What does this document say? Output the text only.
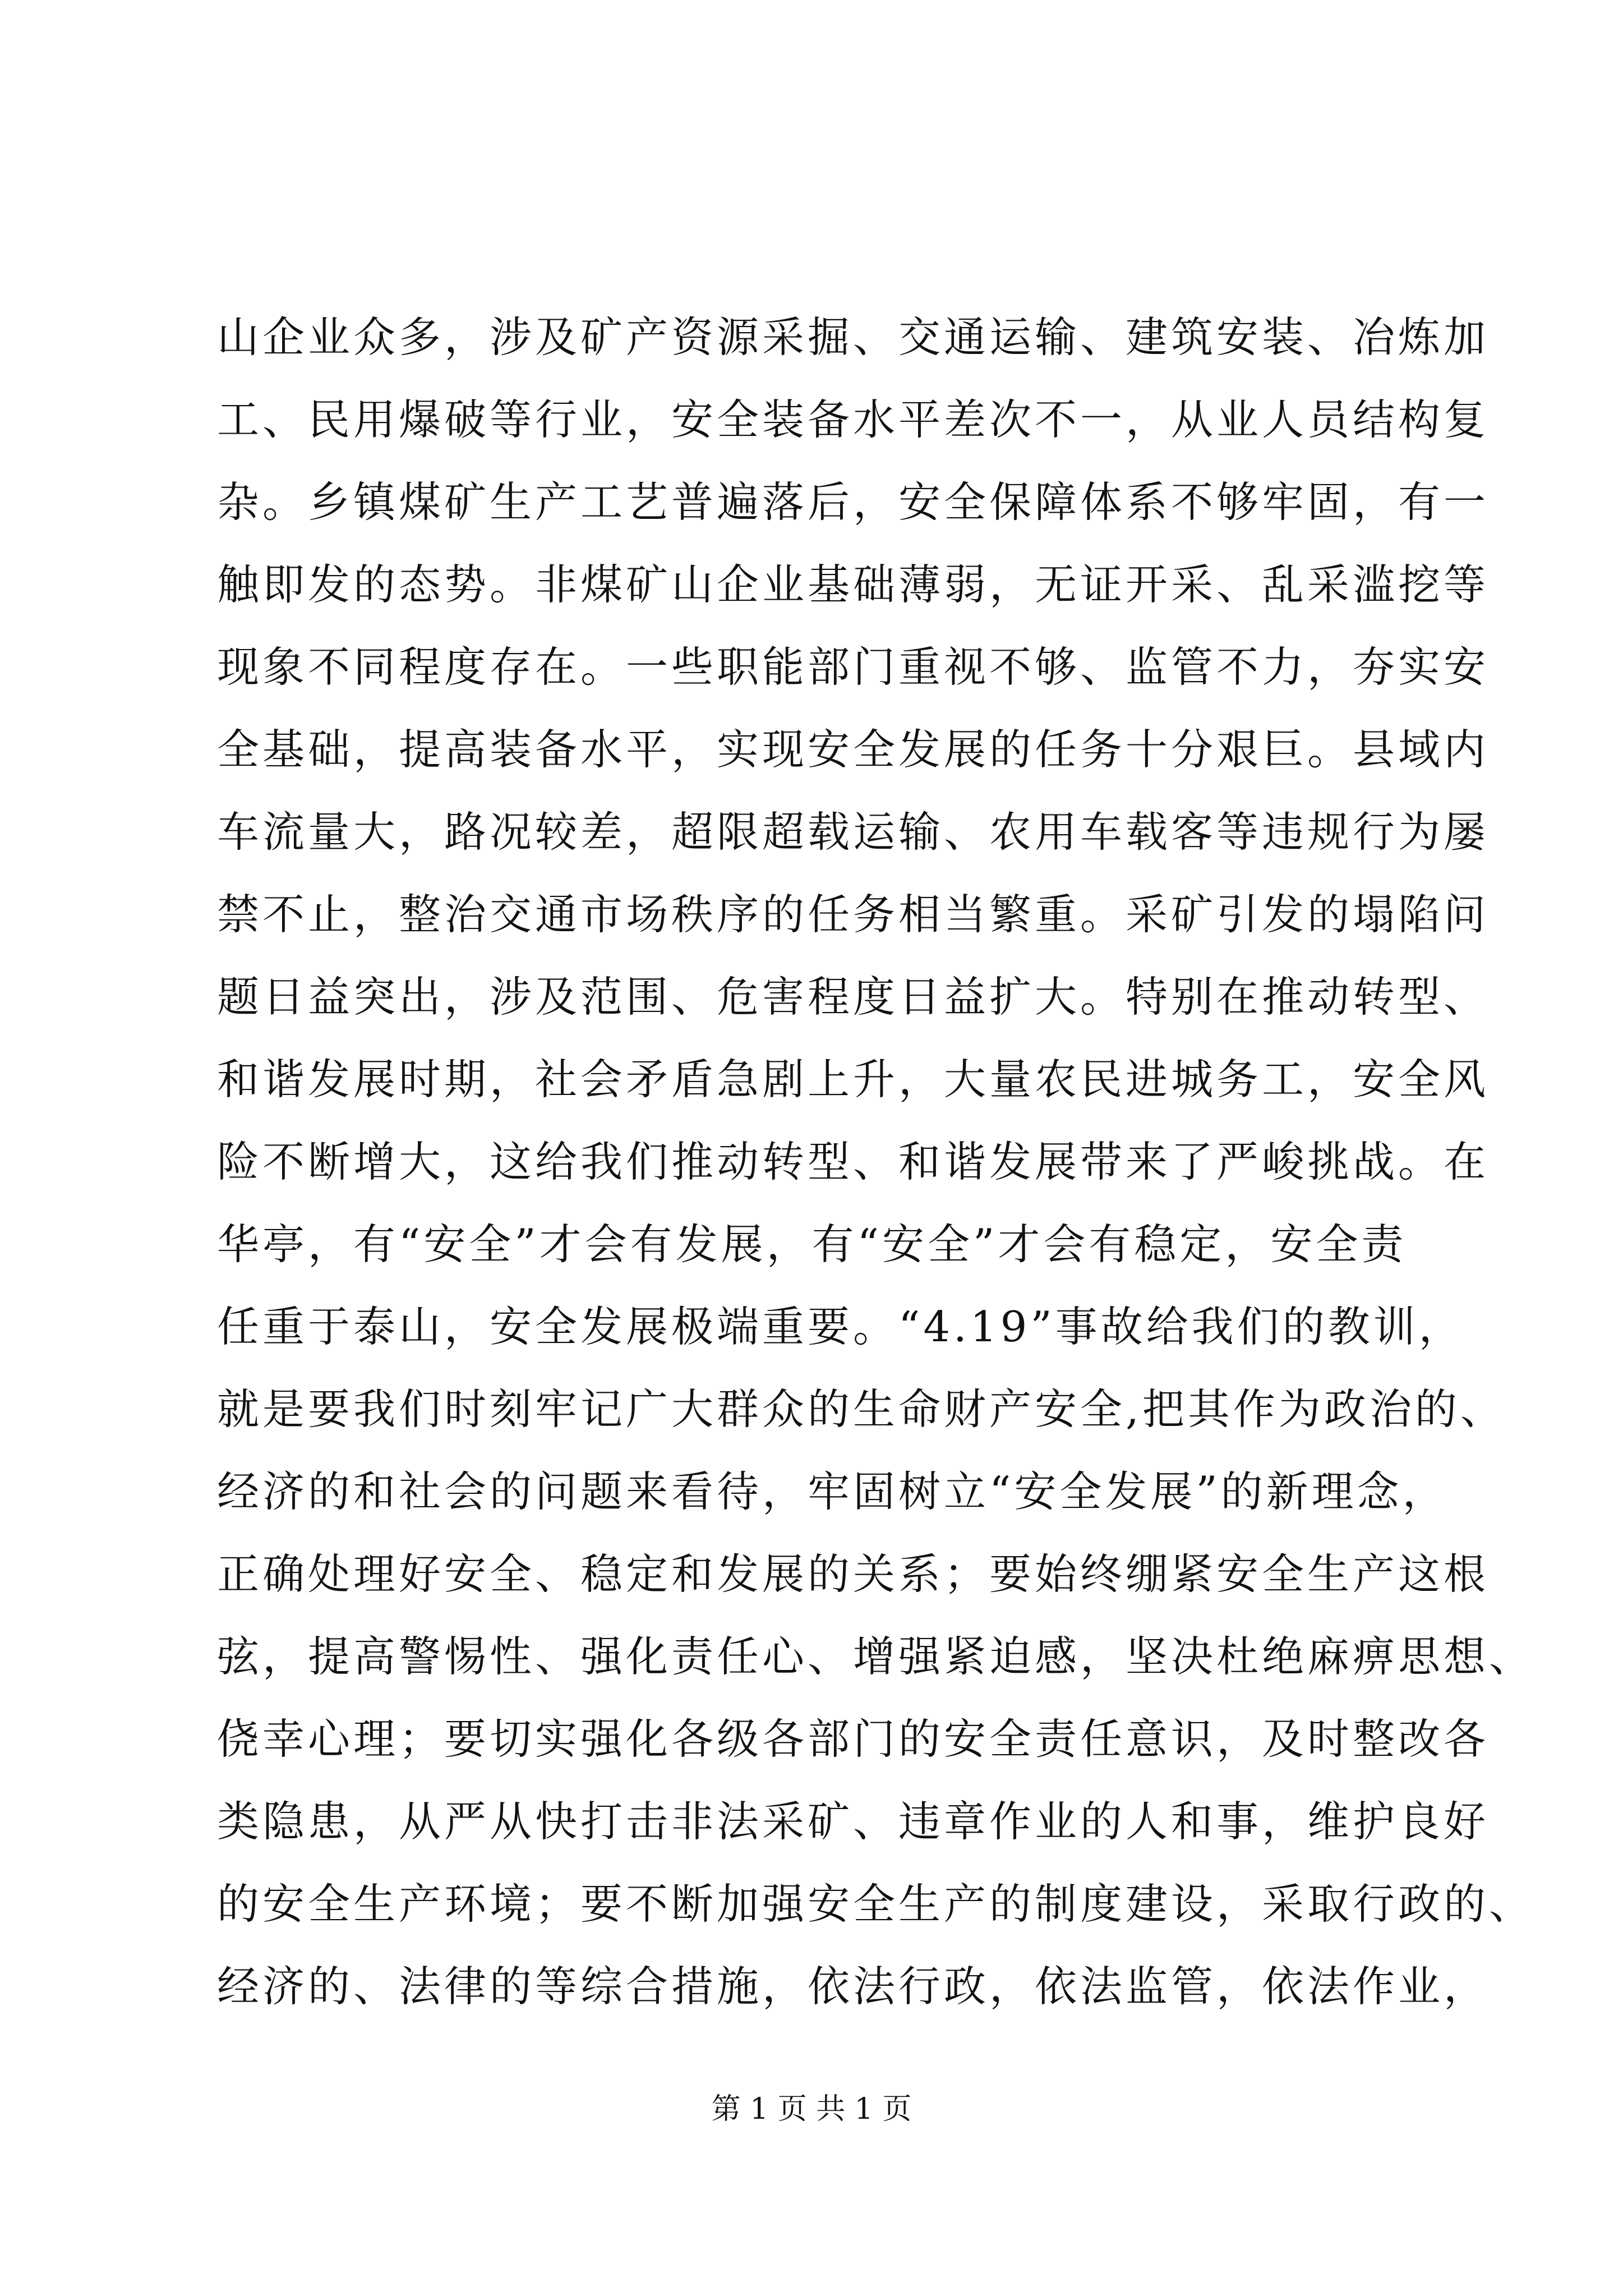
山企业众多，涉及矿产资源采掘、交通运输、建筑安装、冶炼加
工、民用爆破等行业，安全装备水平差次不一，从业人员结构复
杂。乡镇煤矿生产工艺普遍落后，安全保障体系不够牢固，有一
触即发的态势。非煤矿山企业基础薄弱，无证开采、乱采滥挖等
现象不同程度存在。一些职能部门重视不够、监管不力，夯实安
全基础，提高装备水平，实现安全发展的任务十分艰巨。县域内
车流量大，路况较差，超限超载运输、农用车载客等违规行为屡
禁不止，整治交通市场秩序的任务相当繁重。采矿引发的塌陷问
题日益突出，涉及范围、危害程度日益扩大。特别在推动转型、
和谐发展时期，社会矛盾急剧上升，大量农民进城务工，安全风
险不断增大，这给我们推动转型、和谐发展带来了严峻挑战。在
华亭，有“安全”才会有发展，有“安全”才会有稳定，安全责
任重于泰山，安全发展极端重要。“4.19”事故给我们的教训，
就是要我们时刻牢记广大群众的生命财产安全,把其作为政治的、
经济的和社会的问题来看待，牢固树立“安全发展”的新理念，
正确处理好安全、稳定和发展的关系；要始终绷紧安全生产这根
弦，提高警惕性、强化责任心、增强紧迫感，坚决杜绝麻痹思想、
侥幸心理；要切实强化各级各部门的安全责任意识，及时整改各
类隐患，从严从快打击非法采矿、违章作业的人和事，维护良好
的安全生产环境；要不断加强安全生产的制度建设，采取行政的、
经济的、法律的等综合措施，依法行政，依法监管，依法作业，
第 1 页 共 1 页
